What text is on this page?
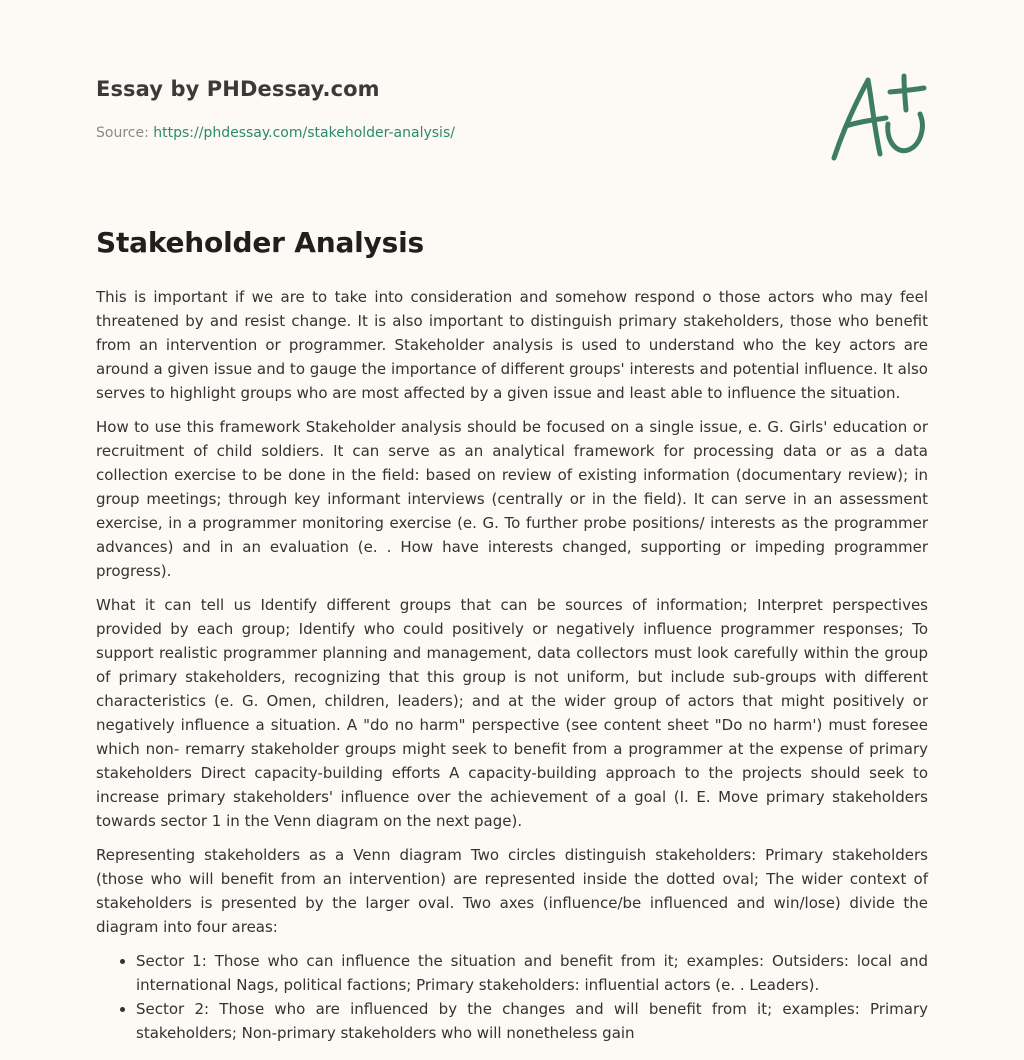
Essay by PHDessay.com
Source: https://phdessay.com/stakeholder-analysis/
Stakeholder Analysis

This is important if we are to take into consideration and somehow respond o those actors who may feel threatened by and resist change. It is also important to distinguish primary stakeholders, those who benefit from an intervention or programmer. Stakeholder analysis is used to understand who the key actors are around a given issue and to gauge the importance of different groups' interests and potential influence. It also serves to highlight groups who are most affected by a given issue and least able to influence the situation.

How to use this framework Stakeholder analysis should be focused on a single issue, e. G. Girls' education or recruitment of child soldiers. It can serve as an analytical framework for processing data or as a data collection exercise to be done in the field: based on review of existing information (documentary review); in group meetings; through key informant interviews (centrally or in the field). It can serve in an assessment exercise, in a programmer monitoring exercise (e. G. To further probe positions/ interests as the programmer advances) and in an evaluation (e. . How have interests changed, supporting or impeding programmer progress).

What it can tell us Identify different groups that can be sources of information; Interpret perspectives provided by each group; Identify who could positively or negatively influence programmer responses; To support realistic programmer planning and management, data collectors must look carefully within the group of primary stakeholders, recognizing that this group is not uniform, but include sub-groups with different characteristics (e. G. Omen, children, leaders); and at the wider group of actors that might positively or negatively influence a situation. A "do no harm" perspective (see content sheet "Do no harm') must foresee which non- remarry stakeholder groups might seek to benefit from a programmer at the expense of primary stakeholders Direct capacity-building efforts A capacity-building approach to the projects should seek to increase primary stakeholders' influence over the achievement of a goal (I. E. Move primary stakeholders towards sector 1 in the Venn diagram on the next page).

Representing stakeholders as a Venn diagram Two circles distinguish stakeholders: Primary stakeholders (those who will benefit from an intervention) are represented inside the dotted oval; The wider context of stakeholders is presented by the larger oval. Two axes (influence/be influenced and win/lose) divide the diagram into four areas:

• Sector 1: Those who can influence the situation and benefit from it; examples: Outsiders: local and international Nags, political factions; Primary stakeholders: influential actors (e. . Leaders).
• Sector 2: Those who are influenced by the changes and will benefit from it; examples: Primary stakeholders; Non-primary stakeholders who will nonetheless gain
